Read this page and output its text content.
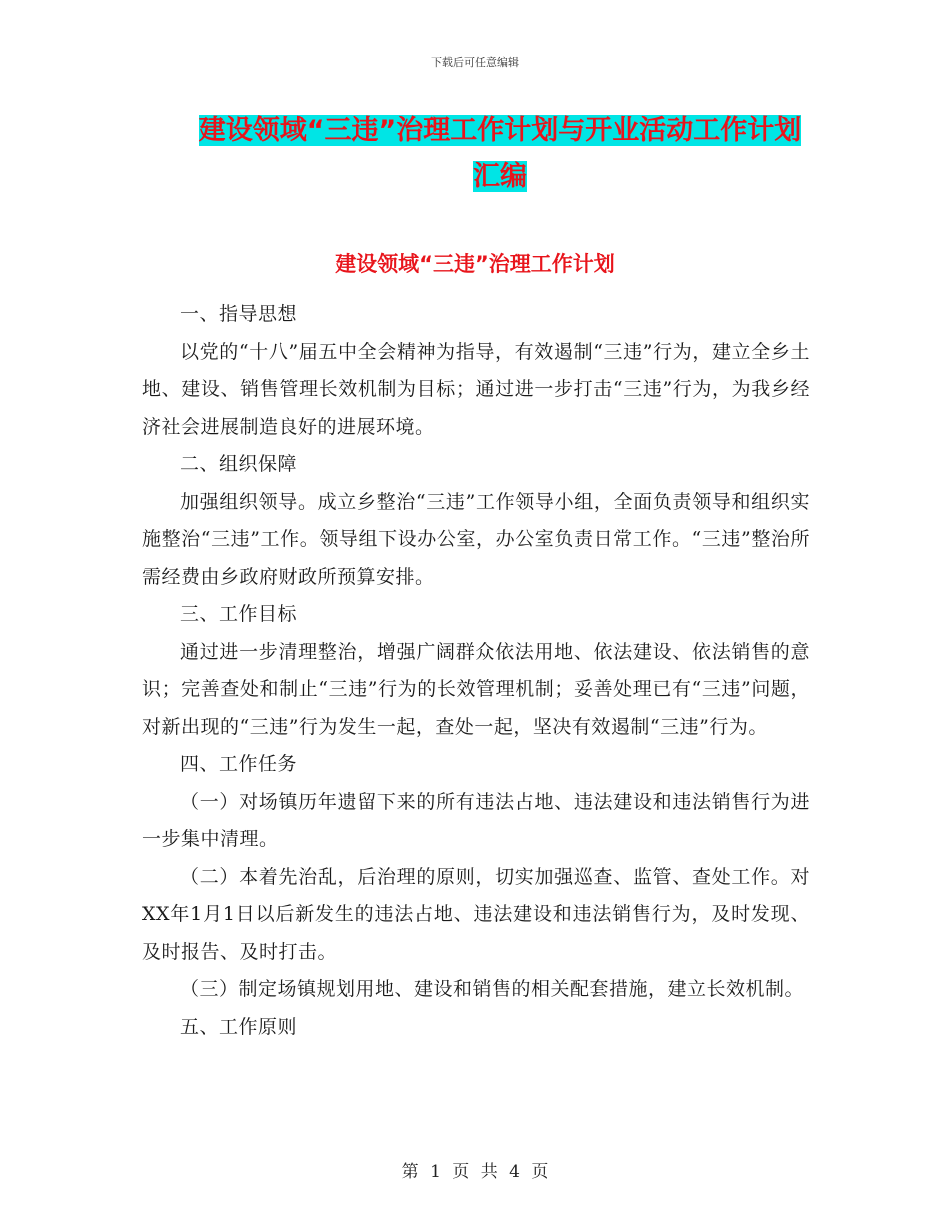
下载后可任意编辑
建设领域“三违”治理工作计划与开业活动工作计划
汇编
建设领域“三违”治理工作计划

一、指导思想

以党的“十八”届五中全会精神为指导，有效遏制“三违”行为，建立全乡土地、建设、销售管理长效机制为目标；通过进一步打击“三违”行为，为我乡经济社会进展制造良好的进展环境。

二、组织保障

加强组织领导。成立乡整治“三违”工作领导小组，全面负责领导和组织实施整治“三违”工作。领导组下设办公室，办公室负责日常工作。“三违”整治所需经费由乡政府财政所预算安排。

三、工作目标

通过进一步清理整治，增强广阔群众依法用地、依法建设、依法销售的意识；完善查处和制止“三违”行为的长效管理机制；妥善处理已有“三违”问题，对新出现的“三违”行为发生一起，查处一起，坚决有效遏制“三违”行为。

四、工作任务

（一）对场镇历年遗留下来的所有违法占地、违法建设和违法销售行为进一步集中清理。

（二）本着先治乱，后治理的原则，切实加强巡查、监管、查处工作。对XX年1月1日以后新发生的违法占地、违法建设和违法销售行为，及时发现、及时报告、及时打击。

（三）制定场镇规划用地、建设和销售的相关配套措施，建立长效机制。

五、工作原则

第 1 页 共 4 页
